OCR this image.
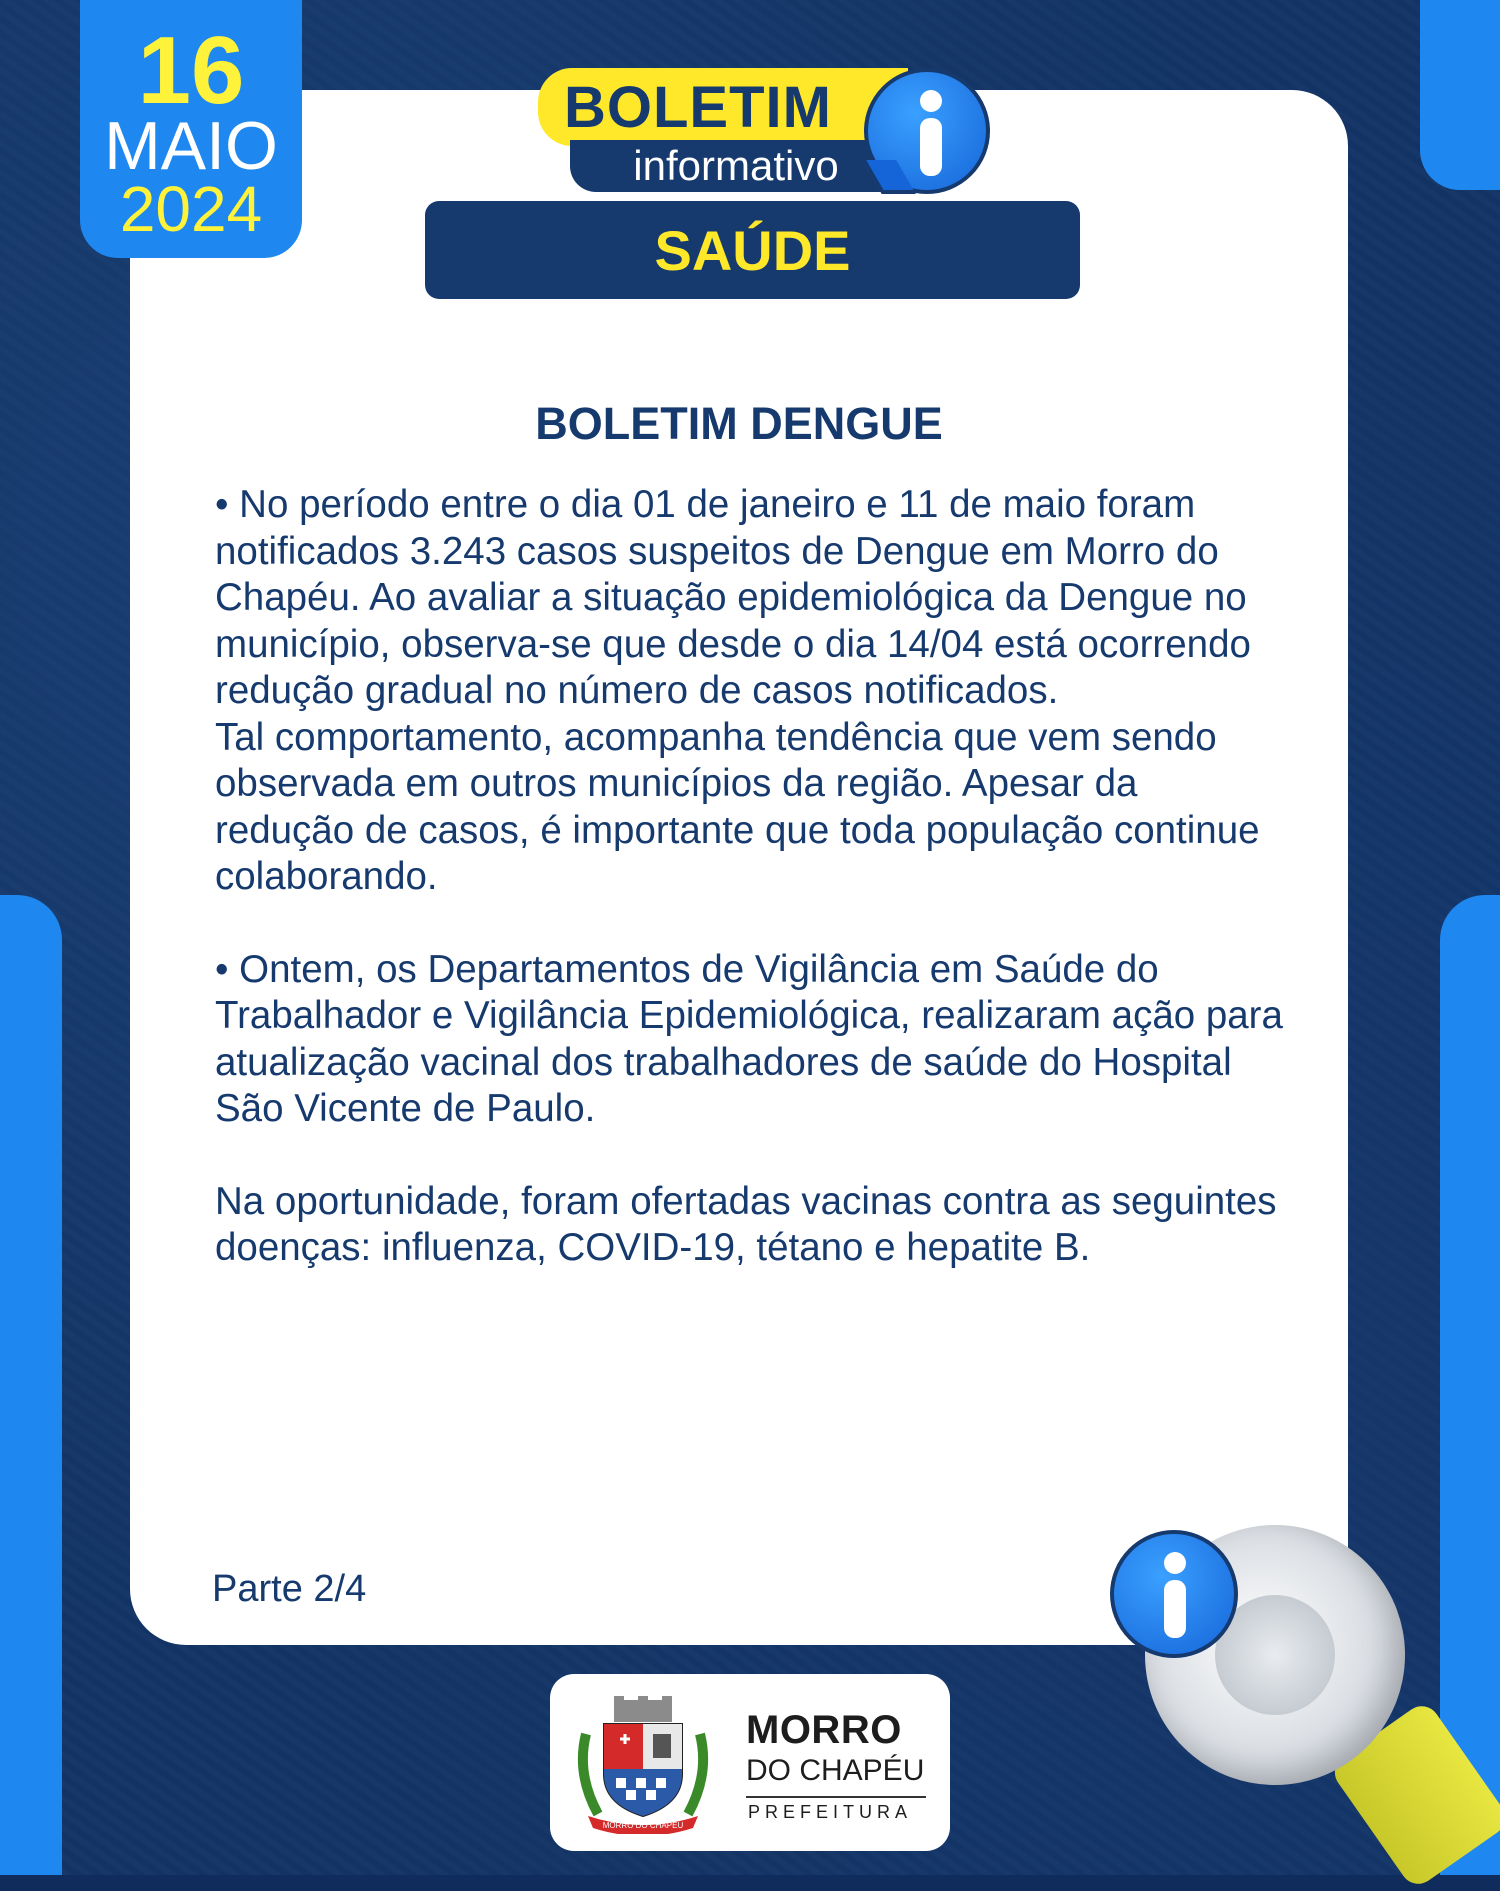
16
MAIO
2024
BOLETIM
informativo
SAÚDE
BOLETIM DENGUE

• No período entre o dia 01 de janeiro e 11 de maio foram notificados 3.243 casos suspeitos de Dengue em Morro do Chapéu. Ao avaliar a situação epidemiológica da Dengue no município, observa-se que desde o dia 14/04 está ocorrendo redução gradual no número de casos notificados.

Tal comportamento, acompanha tendência que vem sendo observada em outros municípios da região. Apesar da redução de casos, é importante que toda população continue colaborando.

• Ontem, os Departamentos de Vigilância em Saúde do Trabalhador e Vigilância Epidemiológica, realizaram ação para atualização vacinal dos trabalhadores de saúde do Hospital São Vicente de Paulo.

Na oportunidade, foram ofertadas vacinas contra as seguintes doenças: influenza, COVID-19, tétano e hepatite B.

Parte 2/4
MORRO DO CHAPÉU
MORRO
DO CHAPÉU
PREFEITURA
